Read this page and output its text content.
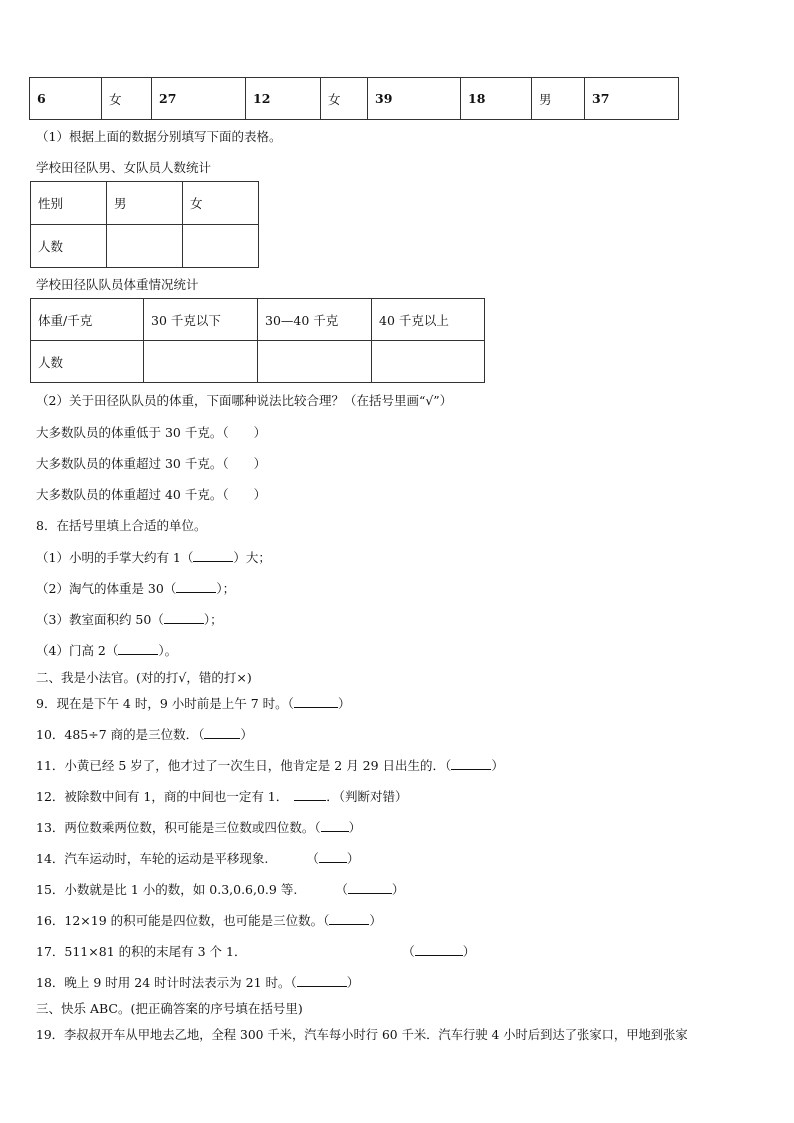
6	女	27	12	女	39	18	男	37
（1）根据上面的数据分别填写下面的表格。
学校田径队男、女队员人数统计
性别	男	女
人数		
学校田径队队员体重情况统计
体重/千克	30 千克以下	30—40 千克	40 千克以上
人数			
（2）关于田径队队员的体重，下面哪种说法比较合理？（在括号里画“√”）
大多数队员的体重低于 30 千克。（　　）
大多数队员的体重超过 30 千克。（　　）
大多数队员的体重超过 40 千克。（　　）
8．在括号里填上合适的单位。
（1）小明的手掌大约有 1（	）大；
（2）淘气的体重是 30（	）；
（3）教室面积约 50（	）；
（4）门高 2（	）。
二、我是小法官。(对的打√，错的打×)
9．现在是下午 4 时，9 小时前是上午 7 时。（	）
10．485÷7 商的是三位数．（	）
11．小黄已经 5 岁了，他才过了一次生日，他肯定是 2 月 29 日出生的．（	）
12．被除数中间有 1，商的中间也一定有 1．	．（判断对错）
13．两位数乘两位数，积可能是三位数或四位数。（ ）
14．汽车运动时，车轮的运动是平移现象.	（ ）
15．小数就是比 1 小的数，如 0.3,0.6,0.9 等.	（	）
16．12×19 的积可能是四位数，也可能是三位数。（	）
17．511×81 的积的末尾有 3 个 1．	（	）
18．晚上 9 时用 24 时计时法表示为 21 时。（	）
三、快乐 ABC。(把正确答案的序号填在括号里)
19．李叔叔开车从甲地去乙地，全程 300 千米，汽车每小时行 60 千米．汽车行驶 4 小时后到达了张家口，甲地到张家
